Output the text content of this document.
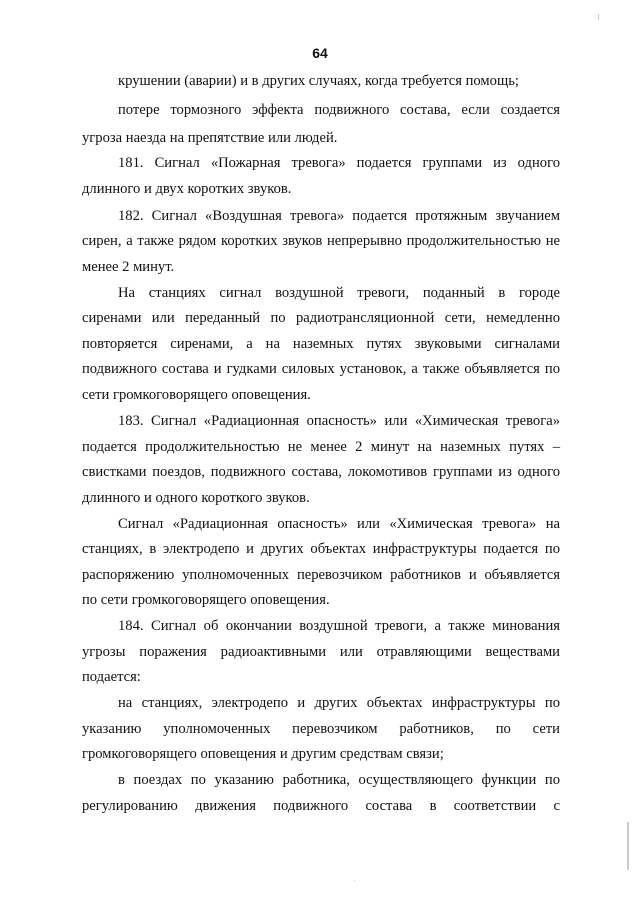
64
крушении (аварии) и в других случаях, когда требуется помощь;
потере тормозного эффекта подвижного состава, если создается
угроза наезда на препятствие или людей.
181. Сигнал «Пожарная тревога» подается группами из одного
длинного и двух коротких звуков.
182. Сигнал «Воздушная тревога» подается протяжным звучанием
сирен, а также рядом коротких звуков непрерывно продолжительностью не
менее 2 минут.
На станциях сигнал воздушной тревоги, поданный в городе
сиренами или переданный по радиотрансляционной сети, немедленно
повторяется сиренами, а на наземных путях звуковыми сигналами
подвижного состава и гудками силовых установок, а также объявляется по
сети громкоговорящего оповещения.
183. Сигнал «Радиационная опасность» или «Химическая тревога»
подается продолжительностью не менее 2 минут на наземных путях –
свистками поездов, подвижного состава, локомотивов группами из одного
длинного и одного короткого звуков.
Сигнал «Радиационная опасность» или «Химическая тревога» на
станциях, в электродепо и других объектах инфраструктуры подается по
распоряжению уполномоченных перевозчиком работников и объявляется
по сети громкоговорящего оповещения.
184. Сигнал об окончании воздушной тревоги, а также минования
угрозы поражения радиоактивными или отравляющими веществами
подается:
на станциях, электродепо и других объектах инфраструктуры по
указанию уполномоченных перевозчиком работников, по сети
громкоговорящего оповещения и другим средствам связи;
в поездах по указанию работника, осуществляющего функции по
регулированию движения подвижного состава в соответствии с
